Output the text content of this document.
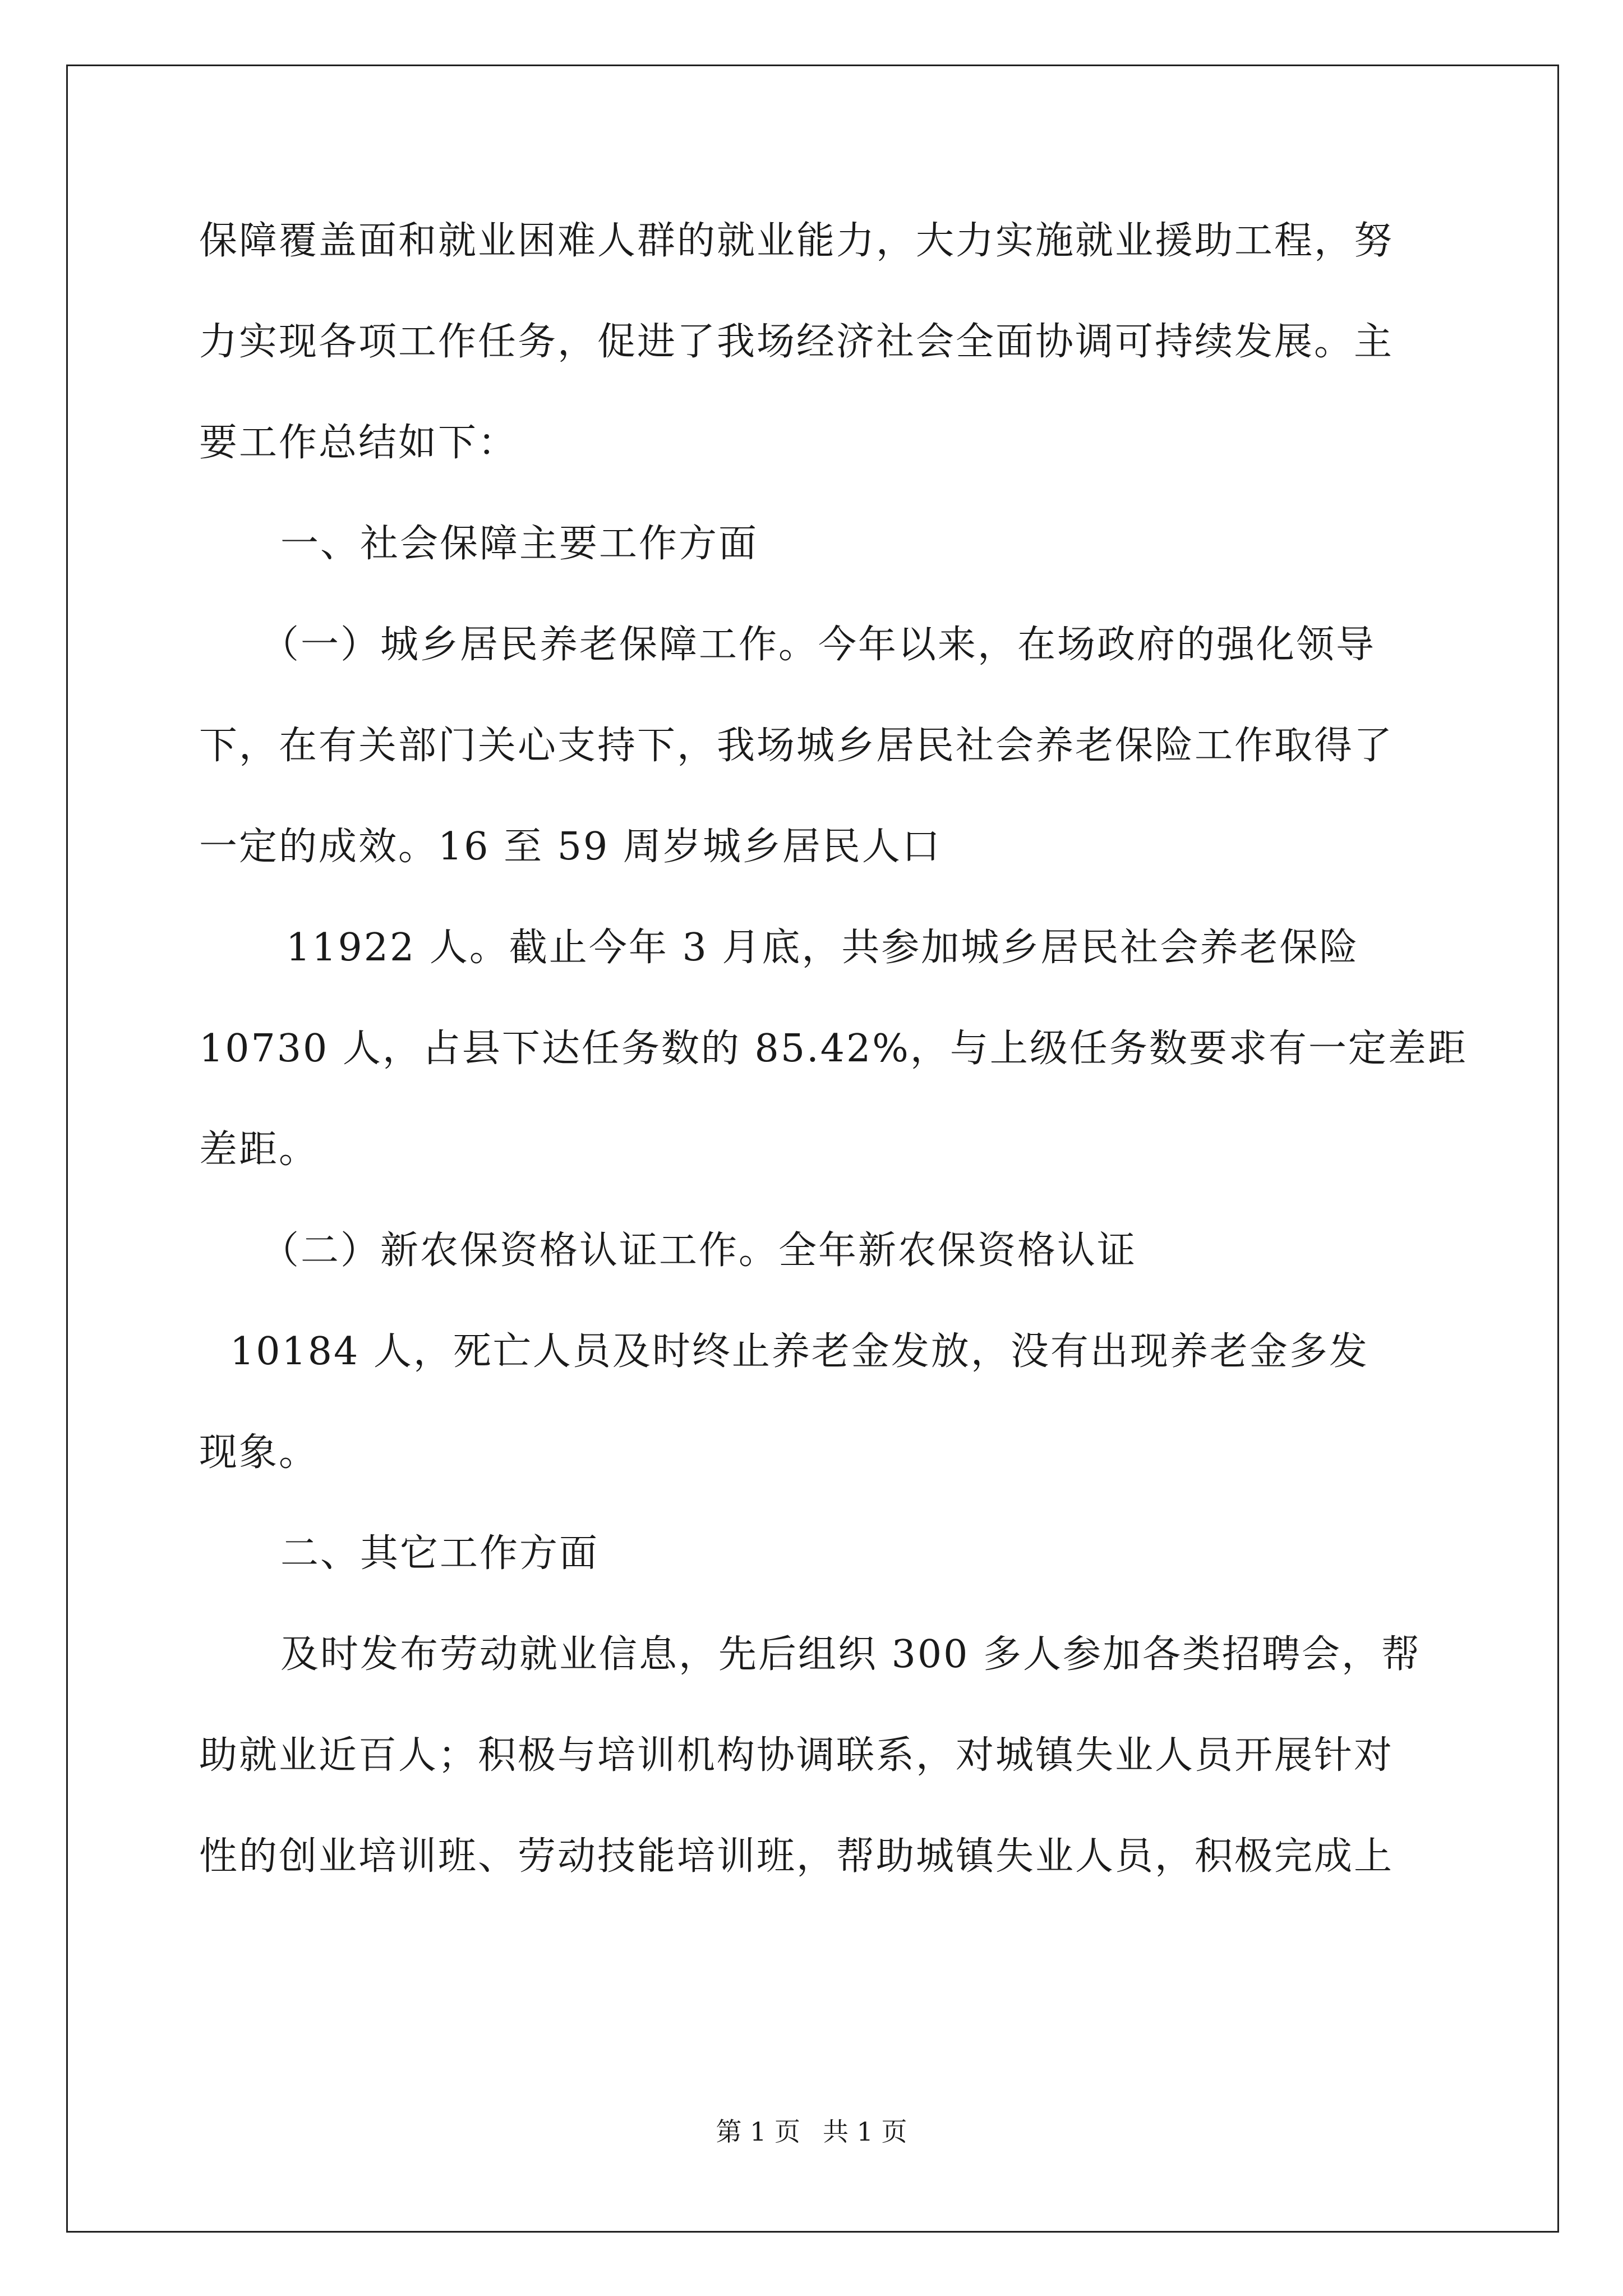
保障覆盖面和就业困难人群的就业能力，大力实施就业援助工程，努
力实现各项工作任务，促进了我场经济社会全面协调可持续发展。主
要工作总结如下：
一、社会保障主要工作方面
（一）城乡居民养老保障工作。今年以来，在场政府的强化领导
下，在有关部门关心支持下，我场城乡居民社会养老保险工作取得了
一定的成效。16 至 59 周岁城乡居民人口
11922 人。截止今年 3 月底，共参加城乡居民社会养老保险
10730 人，占县下达任务数的 85.42%，与上级任务数要求有一定差距
差距。
（二）新农保资格认证工作。全年新农保资格认证
10184 人，死亡人员及时终止养老金发放，没有出现养老金多发
现象。
二、其它工作方面
及时发布劳动就业信息，先后组织 300 多人参加各类招聘会，帮
助就业近百人；积极与培训机构协调联系，对城镇失业人员开展针对
性的创业培训班、劳动技能培训班，帮助城镇失业人员，积极完成上
第 1 页 共 1 页
